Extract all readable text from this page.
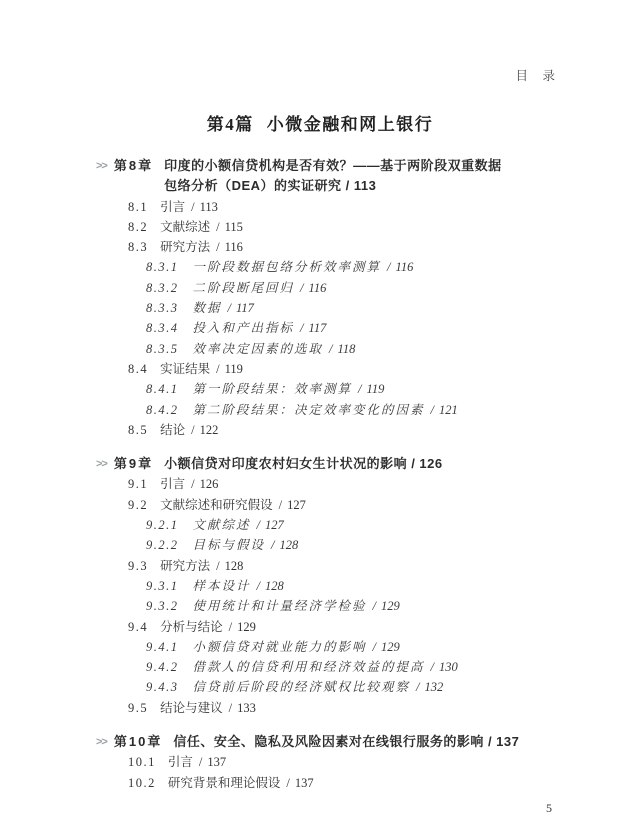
目　录
第4篇 小微金融和网上银行
>> 第8章 印度的小额信贷机构是否有效？——基于两阶段双重数据
包络分析（DEA）的实证研究 / 113
8.1 引言 / 113
8.2 文献综述 / 115
8.3 研究方法 / 116
8.3.1 一阶段数据包络分析效率测算 / 116
8.3.2 二阶段断尾回归 / 116
8.3.3 数据 / 117
8.3.4 投入和产出指标 / 117
8.3.5 效率决定因素的选取 / 118
8.4 实证结果 / 119
8.4.1 第一阶段结果：效率测算 / 119
8.4.2 第二阶段结果：决定效率变化的因素 / 121
8.5 结论 / 122
>> 第9章 小额信贷对印度农村妇女生计状况的影响 / 126
9.1 引言 / 126
9.2 文献综述和研究假设 / 127
9.2.1 文献综述 / 127
9.2.2 目标与假设 / 128
9.3 研究方法 / 128
9.3.1 样本设计 / 128
9.3.2 使用统计和计量经济学检验 / 129
9.4 分析与结论 / 129
9.4.1 小额信贷对就业能力的影响 / 129
9.4.2 借款人的信贷利用和经济效益的提高 / 130
9.4.3 信贷前后阶段的经济赋权比较观察 / 132
9.5 结论与建议 / 133
>> 第10章 信任、安全、隐私及风险因素对在线银行服务的影响 / 137
10.1 引言 / 137
10.2 研究背景和理论假设 / 137
5
